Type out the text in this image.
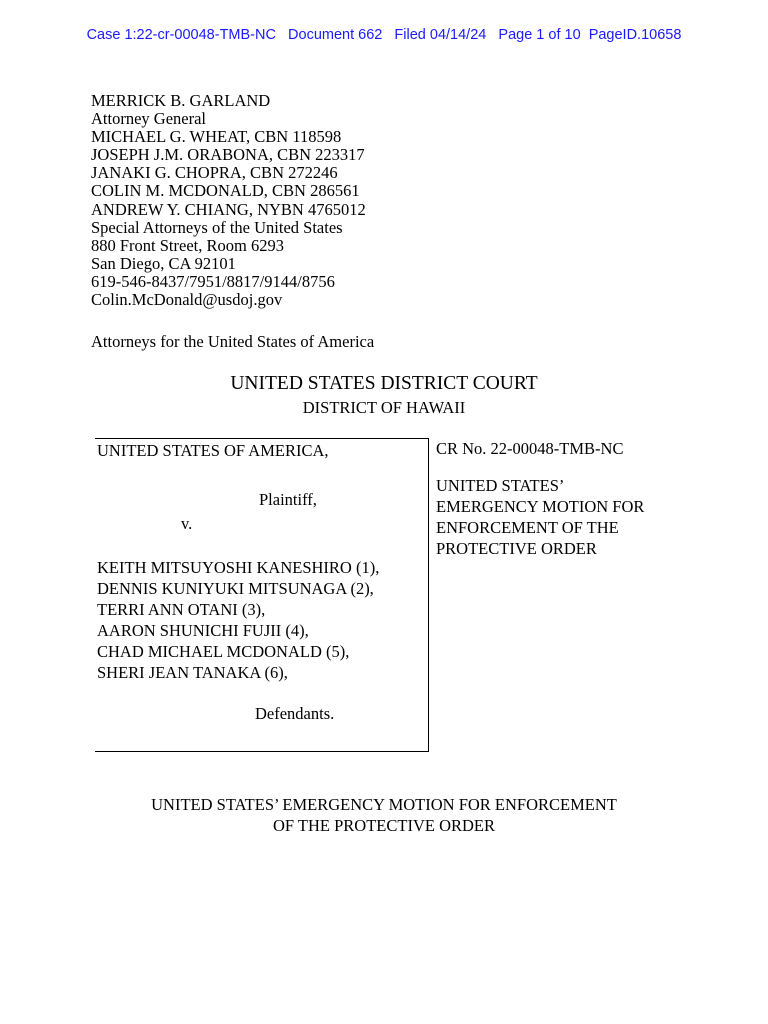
Case 1:22-cr-00048-TMB-NC   Document 662   Filed 04/14/24   Page 1 of 10  PageID.10658
MERRICK B. GARLAND
Attorney General
MICHAEL G. WHEAT, CBN 118598
JOSEPH J.M. ORABONA, CBN 223317
JANAKI G. CHOPRA, CBN 272246
COLIN M. MCDONALD, CBN 286561
ANDREW Y. CHIANG, NYBN 4765012
Special Attorneys of the United States
880 Front Street, Room 6293
San Diego, CA 92101
619-546-8437/7951/8817/9144/8756
Colin.McDonald@usdoj.gov
Attorneys for the United States of America
UNITED STATES DISTRICT COURT
DISTRICT OF HAWAII
UNITED STATES OF AMERICA,
Plaintiff,
v.
KEITH MITSUYOSHI KANESHIRO (1),
DENNIS KUNIYUKI MITSUNAGA (2),
TERRI ANN OTANI (3),
AARON SHUNICHI FUJII (4),
CHAD MICHAEL MCDONALD (5),
SHERI JEAN TANAKA (6),
Defendants.
CR No. 22-00048-TMB-NC
UNITED STATES’
EMERGENCY MOTION FOR
ENFORCEMENT OF THE
PROTECTIVE ORDER
UNITED STATES’ EMERGENCY MOTION FOR ENFORCEMENT
OF THE PROTECTIVE ORDER
